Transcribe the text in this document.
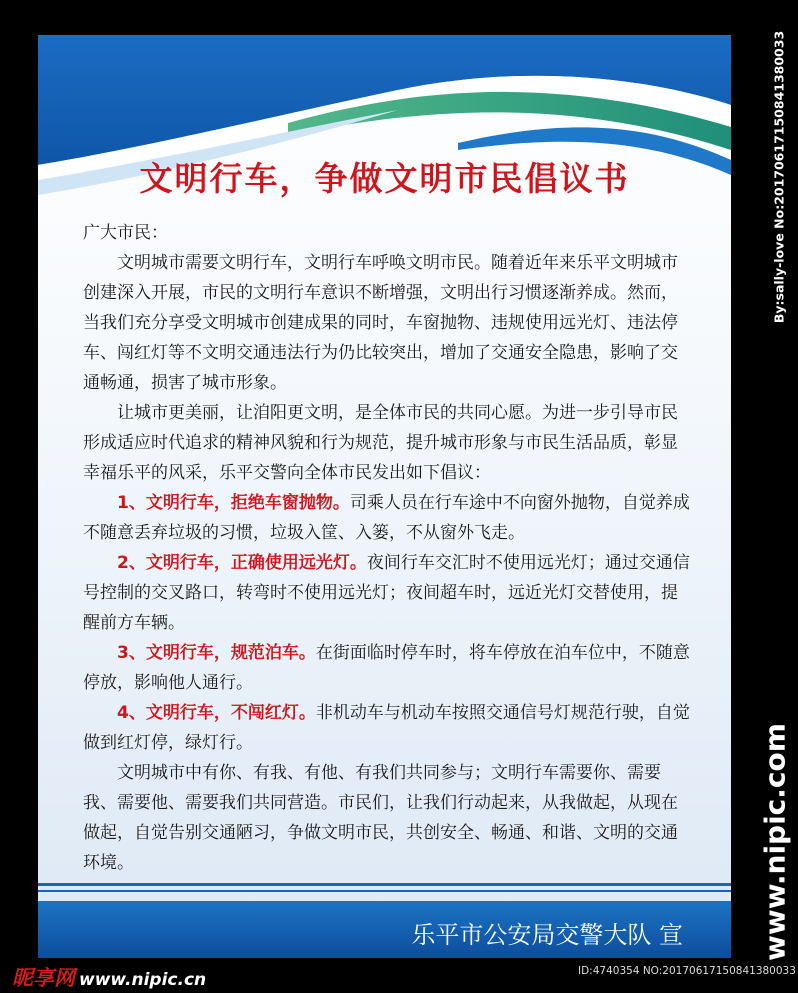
文明行车，争做文明市民倡议书

广大市民：

文明城市需要文明行车，文明行车呼唤文明市民。随着近年来乐平文明城市创建深入开展，市民的文明行车意识不断增强，文明出行习惯逐渐养成。然而，当我们充分享受文明城市创建成果的同时，车窗抛物、违规使用远光灯、违法停车、闯红灯等不文明交通违法行为仍比较突出，增加了交通安全隐患，影响了交通畅通，损害了城市形象。

让城市更美丽，让洎阳更文明，是全体市民的共同心愿。为进一步引导市民形成适应时代追求的精神风貌和行为规范，提升城市形象与市民生活品质，彰显幸福乐平的风采，乐平交警向全体市民发出如下倡议：

1、文明行车，拒绝车窗抛物。司乘人员在行车途中不向窗外抛物，自觉养成不随意丢弃垃圾的习惯，垃圾入筐、入篓，不从窗外飞走。

2、文明行车，正确使用远光灯。夜间行车交汇时不使用远光灯；通过交通信号控制的交叉路口，转弯时不使用远光灯；夜间超车时，远近光灯交替使用，提醒前方车辆。

3、文明行车，规范泊车。在街面临时停车时，将车停放在泊车位中，不随意停放，影响他人通行。

4、文明行车，不闯红灯。非机动车与机动车按照交通信号灯规范行驶，自觉做到红灯停，绿灯行。

文明城市中有你、有我、有他、有我们共同参与；文明行车需要你、需要我、需要他、需要我们共同营造。市民们，让我们行动起来，从我做起，从现在做起，自觉告别交通陋习，争做文明市民，共创安全、畅通、和谐、文明的交通环境。

乐平市公安局交警大队 宣
By:sally-love No:20170617150841380033
www.nipic.com
昵享网 www.nipic.cn	ID:4740354 NO:20170617150841380033
